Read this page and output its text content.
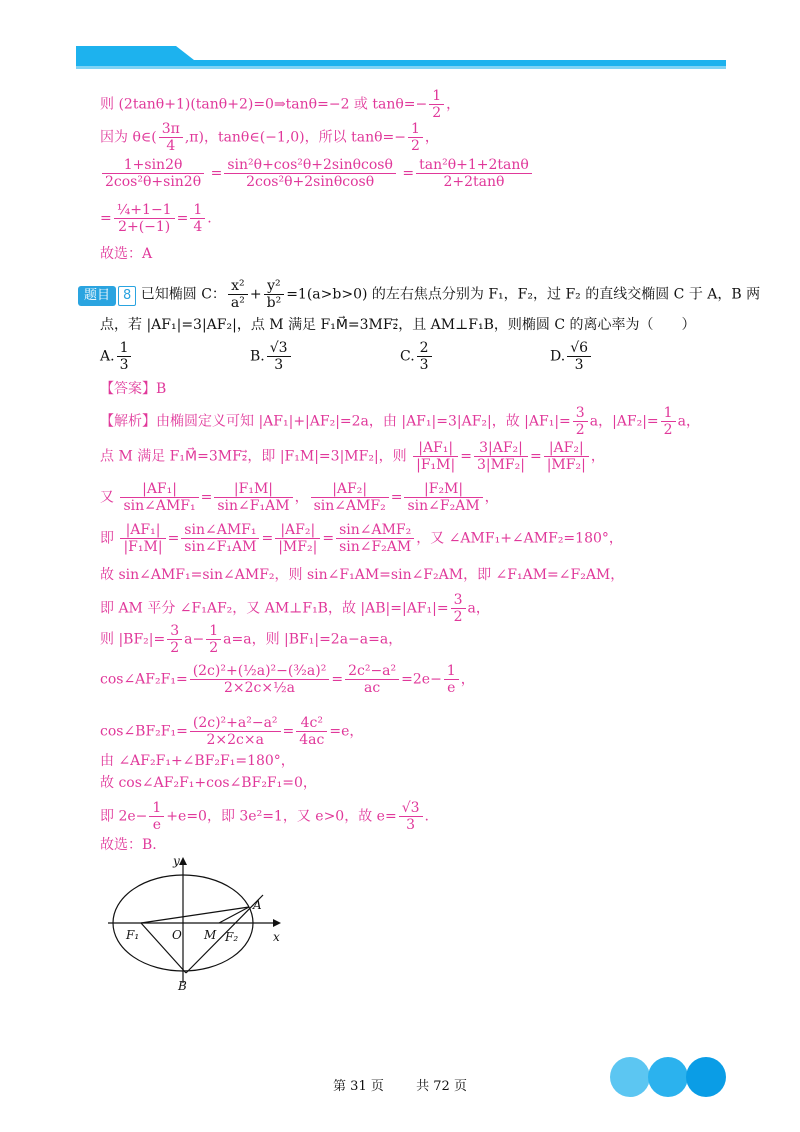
则 (2tanθ+1)(tanθ+2)=0⇒tanθ=−2 或 $\tan\theta=- \frac{1}{2}$ ，
因为 θ∈( $\frac{3\pi}{4} ,\pi$)，tanθ∈(−1,0)，所以 $\tan\theta=- \frac{1}{2}$ ，
$\frac{1+\sin 2\theta}{\text{2cos²θ+sin2θ}} = \frac{\text{sin²θ+cos²θ+2sinθcosθ}}{\text{2cos²θ+2sinθcosθ}} = \frac{\text{tan²θ+1+2tanθ}}{2+2\tan\theta}$
= $\frac{\text{¼+1−1}}{2+(-1)} = \frac{1}{4}$ .
故选：A
题目 8 已知椭圆 C： $\frac{\text{x²}}{\text{a²}} + \frac{\text{y²}}{\text{b²}} =1(a>b>0)$ 的左右焦点分别为 F₁，F₂，过 F₂ 的直线交椭圆 C 于 A，B 两
点，若 |AF₁|=3|AF₂|，点 M 满足 F₁M⃗=3MF₂⃗，且 AM⊥F₁B，则椭圆 C 的离心率为（　　）
A. $\frac{1}{3}$	B. $\frac{√3}{3}$	C. $\frac{2}{3}$	D. $\frac{√6}{3}$
【答案】B
【解析】由椭圆定义可知 |AF₁|+|AF₂|=2a，由 |AF₁|=3|AF₂|，故 $|AF_1|= \frac{3}{2}$ a，$|AF_2|= \frac{1}{2}$ a，
点 M 满足 F₁M⃗=3MF₂⃗，即 |F₁M|=3|MF₂|，则 $\frac{\text{|AF₁|}}{\text{|F₁M|}} = \frac{\text{3|AF₂|}}{\text{3|MF₂|}} = \frac{\text{|AF₂|}}{\text{|MF₂|}}$ ，
又 $\frac{\text{|AF₁|}}{\text{sin∠AMF₁}} = \frac{\text{|F₁M|}}{\text{sin∠F₁AM}}$ ， $\frac{\text{|AF₂|}}{\text{sin∠AMF₂}} = \frac{\text{|F₂M|}}{\text{sin∠F₂AM}}$ ，
即 $\frac{\text{|AF₁|}}{\text{|F₁M|}} = \frac{\text{sin∠AMF₁}}{\text{sin∠F₁AM}} = \frac{\text{|AF₂|}}{\text{|MF₂|}} = \frac{\text{sin∠AMF₂}}{\text{sin∠F₂AM}}$ ，又 ∠AMF₁+∠AMF₂=180°，
故 sin∠AMF₁=sin∠AMF₂，则 sin∠F₁AM=sin∠F₂AM，即 ∠F₁AM=∠F₂AM，
即 AM 平分 ∠F₁AF₂，又 AM⊥F₁B，故 $|AB|=|AF_1|= \frac{3}{2}$ a，
则 $|BF_2|= \frac{3}{2} a- \frac{1}{2} a=a$，则 |BF₁|=2a−a=a，
cos∠AF₂F₁= $\frac{\text{(2c)²+(½a)²−(³⁄₂a)²}}{\text{2×2c×½a}} = \frac{\text{2c²−a²}}{ac} =2e- \frac{1}{e}$ ，
cos∠BF₂F₁= $\frac{\text{(2c)²+a²−a²}}{2\times 2c\times a} = \frac{\text{4c²}}{4ac} =e$，
由 ∠AF₂F₁+∠BF₂F₁=180°，
故 cos∠AF₂F₁+cos∠BF₂F₁=0，
即 $2e- \frac{1}{e} +e=0$，即 3e²=1，又 e>0，故 $e= \frac{√3}{3}$ .
故选：B.
y
x
A
B
O M
F₁	F₂
第 31 页 共 72 页
